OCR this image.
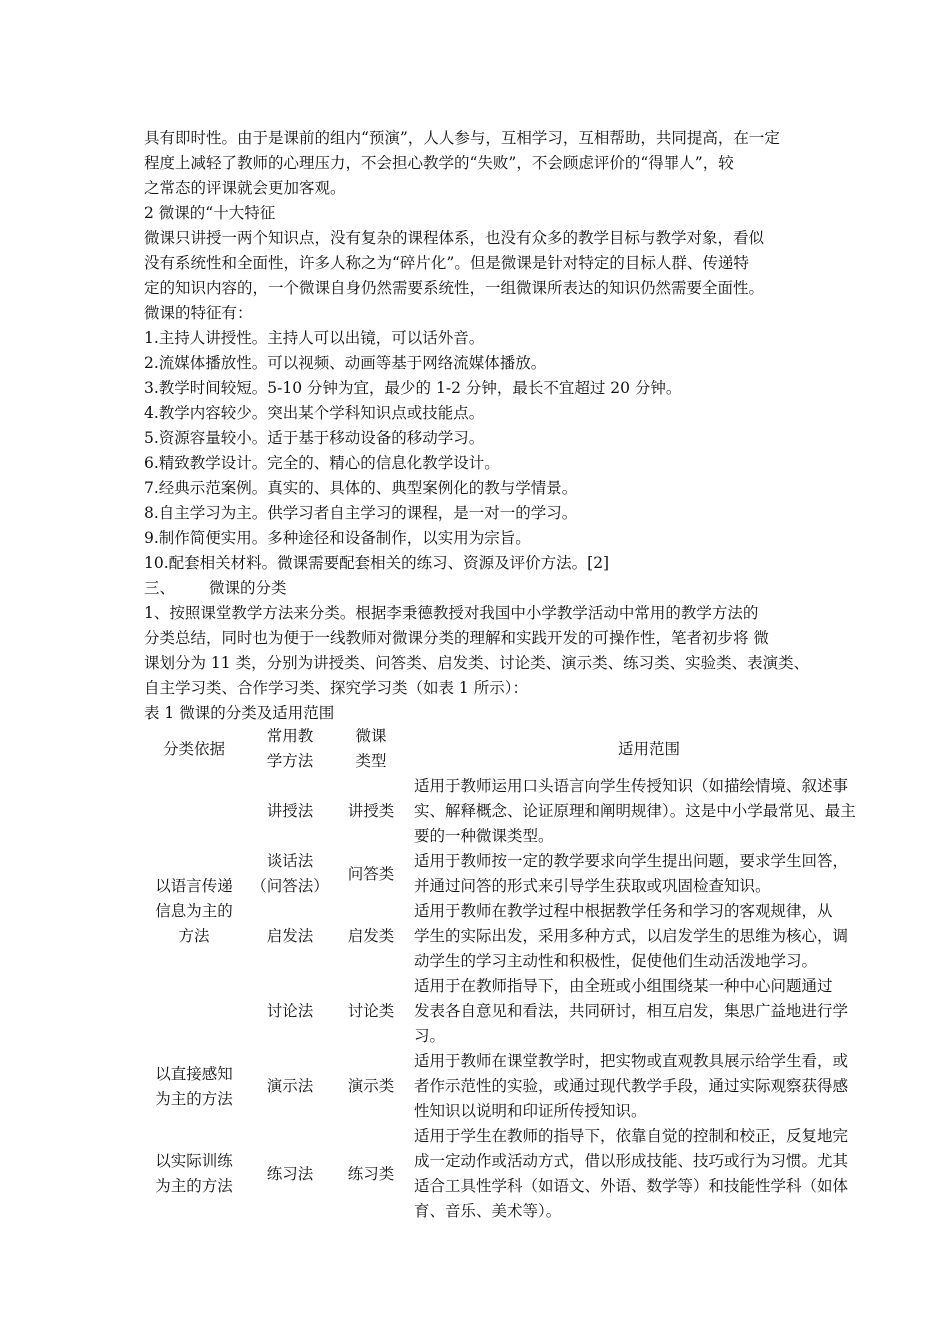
具有即时性。由于是课前的组内“预演”，人人参与，互相学习，互相帮助，共同提高，在一定

程度上减轻了教师的心理压力，不会担心教学的“失败”，不会顾虑评价的“得罪人”，较

之常态的评课就会更加客观。

2 微课的“十大特征

微课只讲授一两个知识点，没有复杂的课程体系，也没有众多的教学目标与教学对象，看似

没有系统性和全面性，许多人称之为“碎片化”。但是微课是针对特定的目标人群、传递特

定的知识内容的，一个微课自身仍然需要系统性，一组微课所表达的知识仍然需要全面性。

微课的特征有：

1.主持人讲授性。主持人可以出镜，可以话外音。

2.流媒体播放性。可以视频、动画等基于网络流媒体播放。

3.教学时间较短。5-10 分钟为宜，最少的 1-2 分钟，最长不宜超过 20 分钟。

4.教学内容较少。突出某个学科知识点或技能点。

5.资源容量较小。适于基于移动设备的移动学习。

6.精致教学设计。完全的、精心的信息化教学设计。

7.经典示范案例。真实的、具体的、典型案例化的教与学情景。

8.自主学习为主。供学习者自主学习的课程，是一对一的学习。

9.制作简便实用。多种途径和设备制作，以实用为宗旨。

10.配套相关材料。微课需要配套相关的练习、资源及评价方法。[2]

三、 微课的分类

1、按照课堂教学方法来分类。根据李秉德教授对我国中小学教学活动中常用的教学方法的

分类总结，同时也为便于一线教师对微课分类的理解和实践开发的可操作性，笔者初步将 微

课划分为 11 类，分别为讲授类、问答类、启发类、讨论类、演示类、练习类、实验类、表演类、

自主学习类、合作学习类、探究学习类（如表 1 所示）：

表 1 微课的分类及适用范围

分类依据	常用教
学方法	微课
类型	适用范围
以语言传递
信息为主的
方法	讲授法	讲授类	适用于教师运用口头语言向学生传授知识（如描绘情境、叙述事
实、解释概念、论证原理和阐明规律）。这是中小学最常见、最主
要的一种微课类型。
	谈话法
（问答法）	问答类	适用于教师按一定的教学要求向学生提出问题，要求学生回答，
并通过问答的形式来引导学生获取或巩固检查知识。
	启发法	启发类	适用于教师在教学过程中根据教学任务和学习的客观规律，从
学生的实际出发，采用多种方式，以启发学生的思维为核心，调
动学生的学习主动性和积极性，促使他们生动活泼地学习。
	讨论法	讨论类	适用于在教师指导下，由全班或小组围绕某一种中心问题通过
发表各自意见和看法，共同研讨，相互启发，集思广益地进行学
习。
以直接感知
为主的方法	演示法	演示类	适用于教师在课堂教学时，把实物或直观教具展示给学生看，或
者作示范性的实验，或通过现代教学手段，通过实际观察获得感
性知识以说明和印证所传授知识。
以实际训练
为主的方法	练习法	练习类	适用于学生在教师的指导下，依靠自觉的控制和校正，反复地完
成一定动作或活动方式，借以形成技能、技巧或行为习惯。尤其
适合工具性学科（如语文、外语、数学等）和技能性学科（如体
育、音乐、美术等）。
